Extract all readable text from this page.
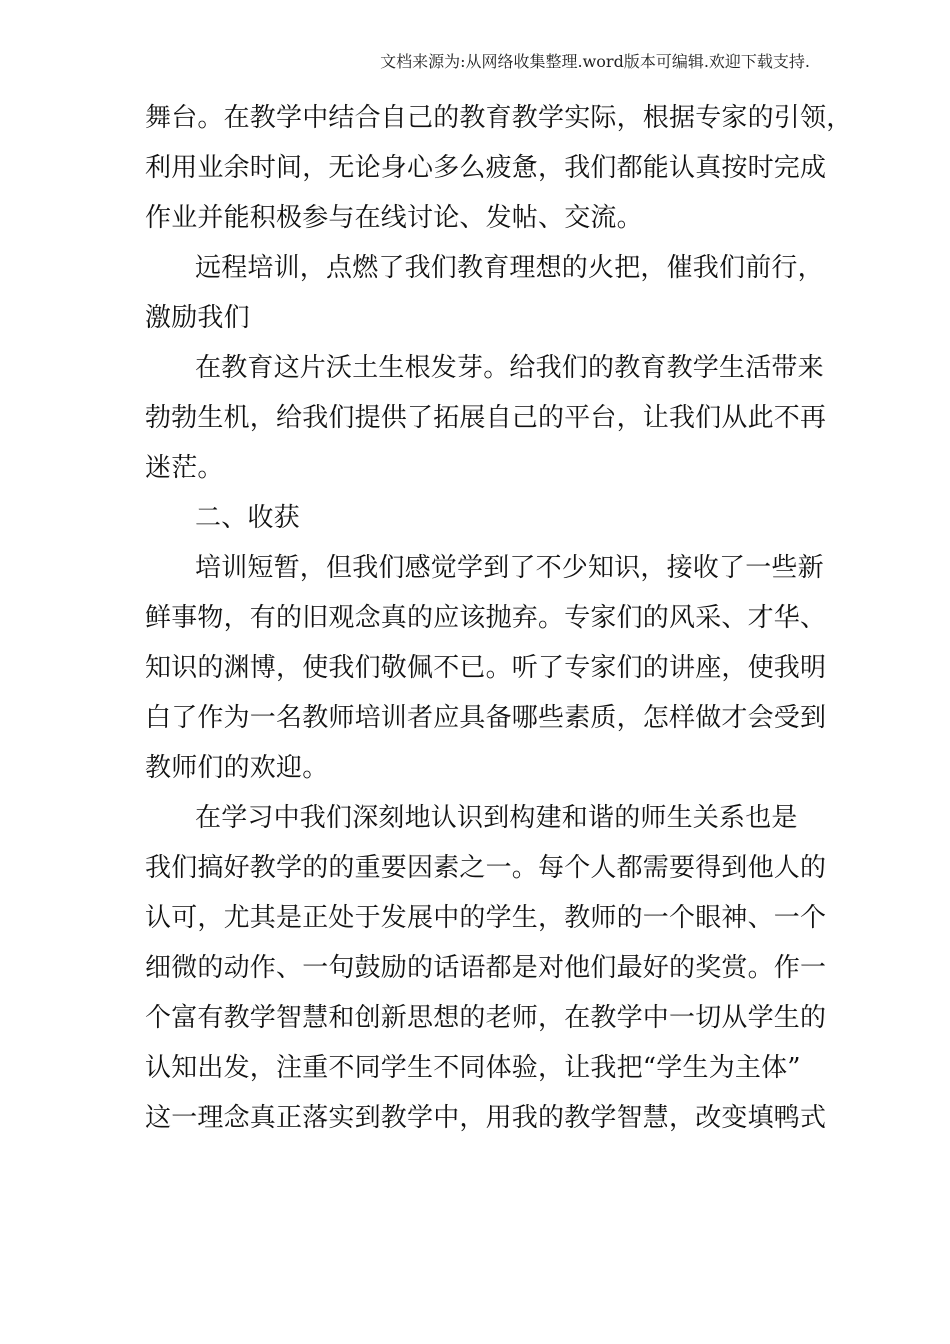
文档来源为:从网络收集整理.word版本可编辑.欢迎下载支持.
舞台。在教学中结合自己的教育教学实际，根据专家的引领，
利用业余时间，无论身心多么疲惫，我们都能认真按时完成
作业并能积极参与在线讨论、发帖、交流。
远程培训，点燃了我们教育理想的火把，催我们前行，
激励我们
在教育这片沃土生根发芽。给我们的教育教学生活带来
勃勃生机，给我们提供了拓展自己的平台，让我们从此不再
迷茫。
二、收获
培训短暂，但我们感觉学到了不少知识，接收了一些新
鲜事物，有的旧观念真的应该抛弃。专家们的风采、才华、
知识的渊博，使我们敬佩不已。听了专家们的讲座，使我明
白了作为一名教师培训者应具备哪些素质，怎样做才会受到
教师们的欢迎。
在学习中我们深刻地认识到构建和谐的师生关系也是
我们搞好教学的的重要因素之一。每个人都需要得到他人的
认可，尤其是正处于发展中的学生，教师的一个眼神、一个
细微的动作、一句鼓励的话语都是对他们最好的奖赏。作一
个富有教学智慧和创新思想的老师，在教学中一切从学生的
认知出发，注重不同学生不同体验，让我把“学生为主体”
这一理念真正落实到教学中，用我的教学智慧，改变填鸭式
